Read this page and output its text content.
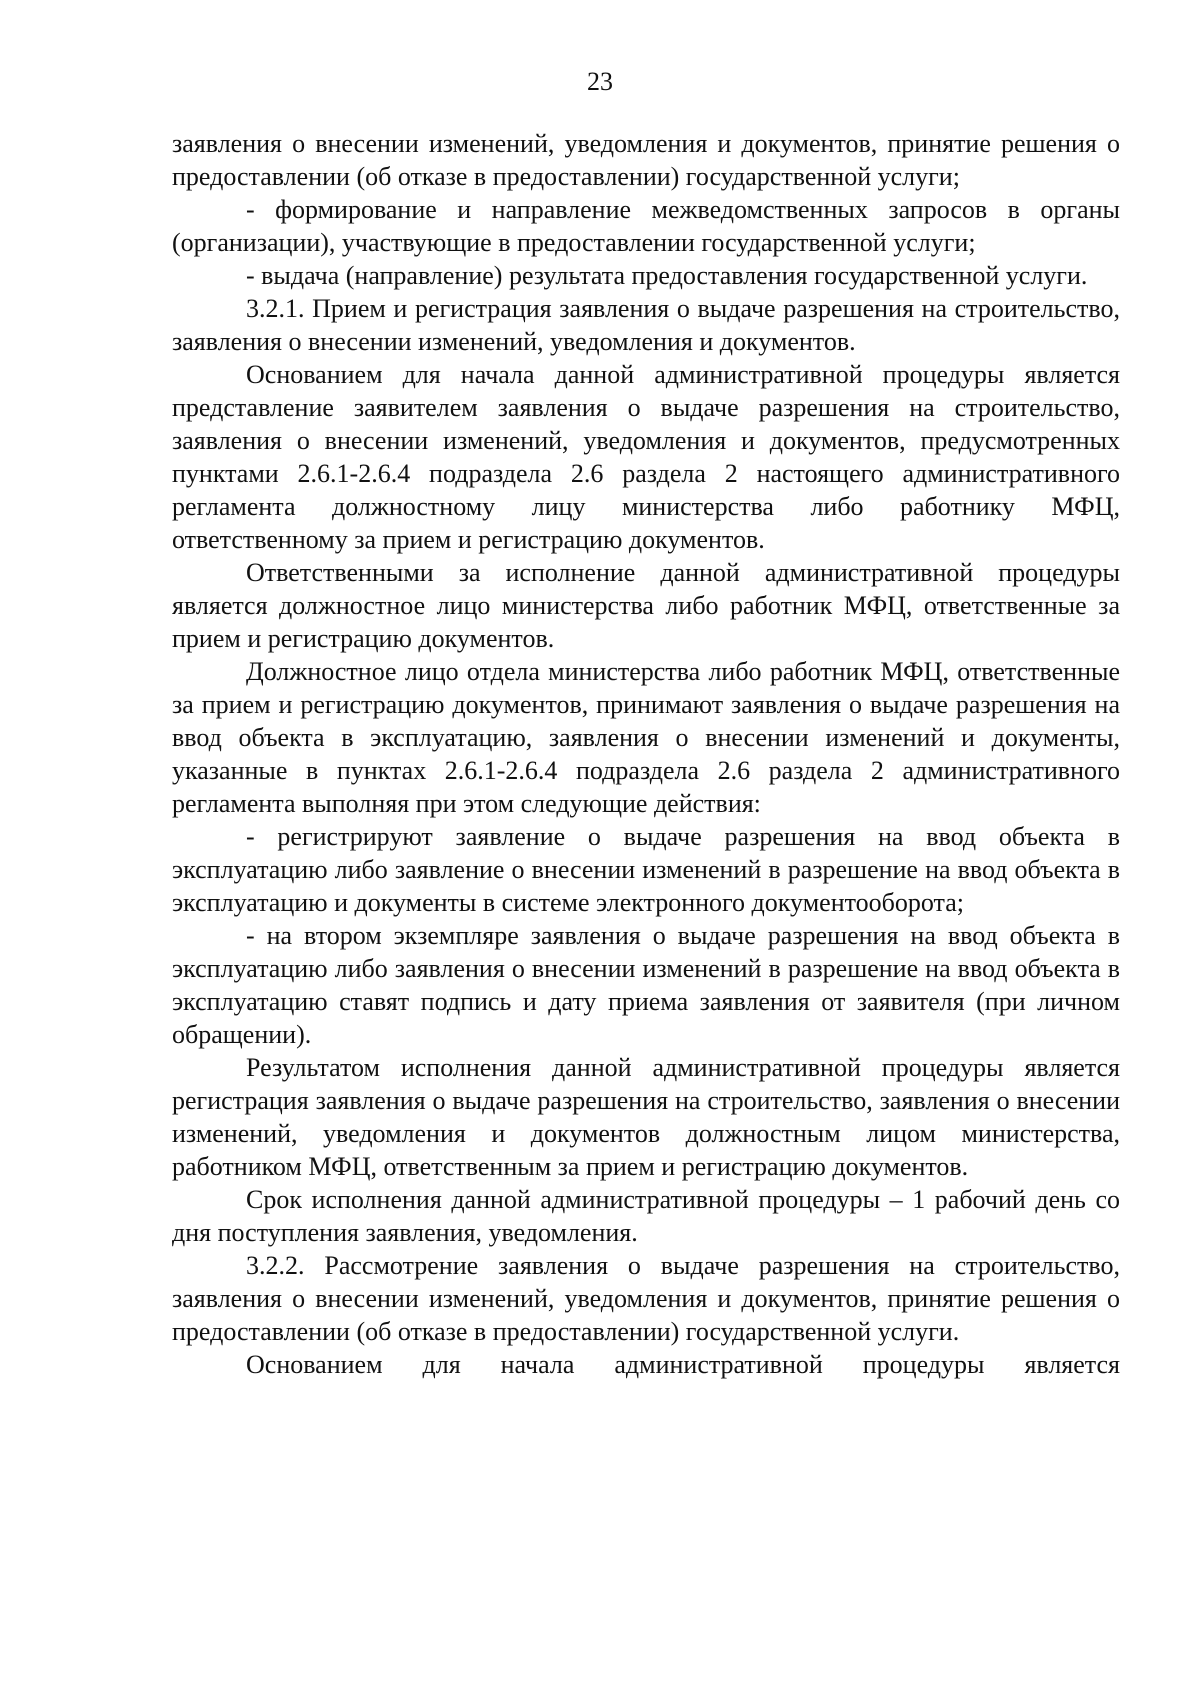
23

заявления о внесении изменений, уведомления и документов, принятие решения о предоставлении (об отказе в предоставлении) государственной услуги;

- формирование и направление межведомственных запросов в органы (организации), участвующие в предоставлении государственной услуги;

- выдача (направление) результата предоставления государственной услуги.

3.2.1. Прием и регистрация заявления о выдаче разрешения на строительство, заявления о внесении изменений, уведомления и документов.

Основанием для начала данной административной процедуры является представление заявителем заявления о выдаче разрешения на строительство, заявления о внесении изменений, уведомления и документов, предусмотренных пунктами 2.6.1-2.6.4 подраздела 2.6 раздела 2 настоящего административного регламента должностному лицу министерства либо работнику МФЦ, ответственному за прием и регистрацию документов.

Ответственными за исполнение данной административной процедуры является должностное лицо министерства либо работник МФЦ, ответственные за прием и регистрацию документов.

Должностное лицо отдела министерства либо работник МФЦ, ответственные за прием и регистрацию документов, принимают заявления о выдаче разрешения на ввод объекта в эксплуатацию, заявления о внесении изменений и документы, указанные в пунктах 2.6.1-2.6.4 подраздела 2.6 раздела 2 административного регламента выполняя при этом следующие действия:

- регистрируют заявление о выдаче разрешения на ввод объекта в эксплуатацию либо заявление о внесении изменений в разрешение на ввод объекта в эксплуатацию и документы в системе электронного документооборота;

- на втором экземпляре заявления о выдаче разрешения на ввод объекта в эксплуатацию либо заявления о внесении изменений в разрешение на ввод объекта в эксплуатацию ставят подпись и дату приема заявления от заявителя (при личном обращении).

Результатом исполнения данной административной процедуры является регистрация заявления о выдаче разрешения на строительство, заявления о внесении изменений, уведомления и документов должностным лицом министерства, работником МФЦ, ответственным за прием и регистрацию документов.

Срок исполнения данной административной процедуры – 1 рабочий день со дня поступления заявления, уведомления.

3.2.2. Рассмотрение заявления о выдаче разрешения на строительство, заявления о внесении изменений, уведомления и документов, принятие решения о предоставлении (об отказе в предоставлении) государственной услуги.

Основанием для начала административной процедуры является
